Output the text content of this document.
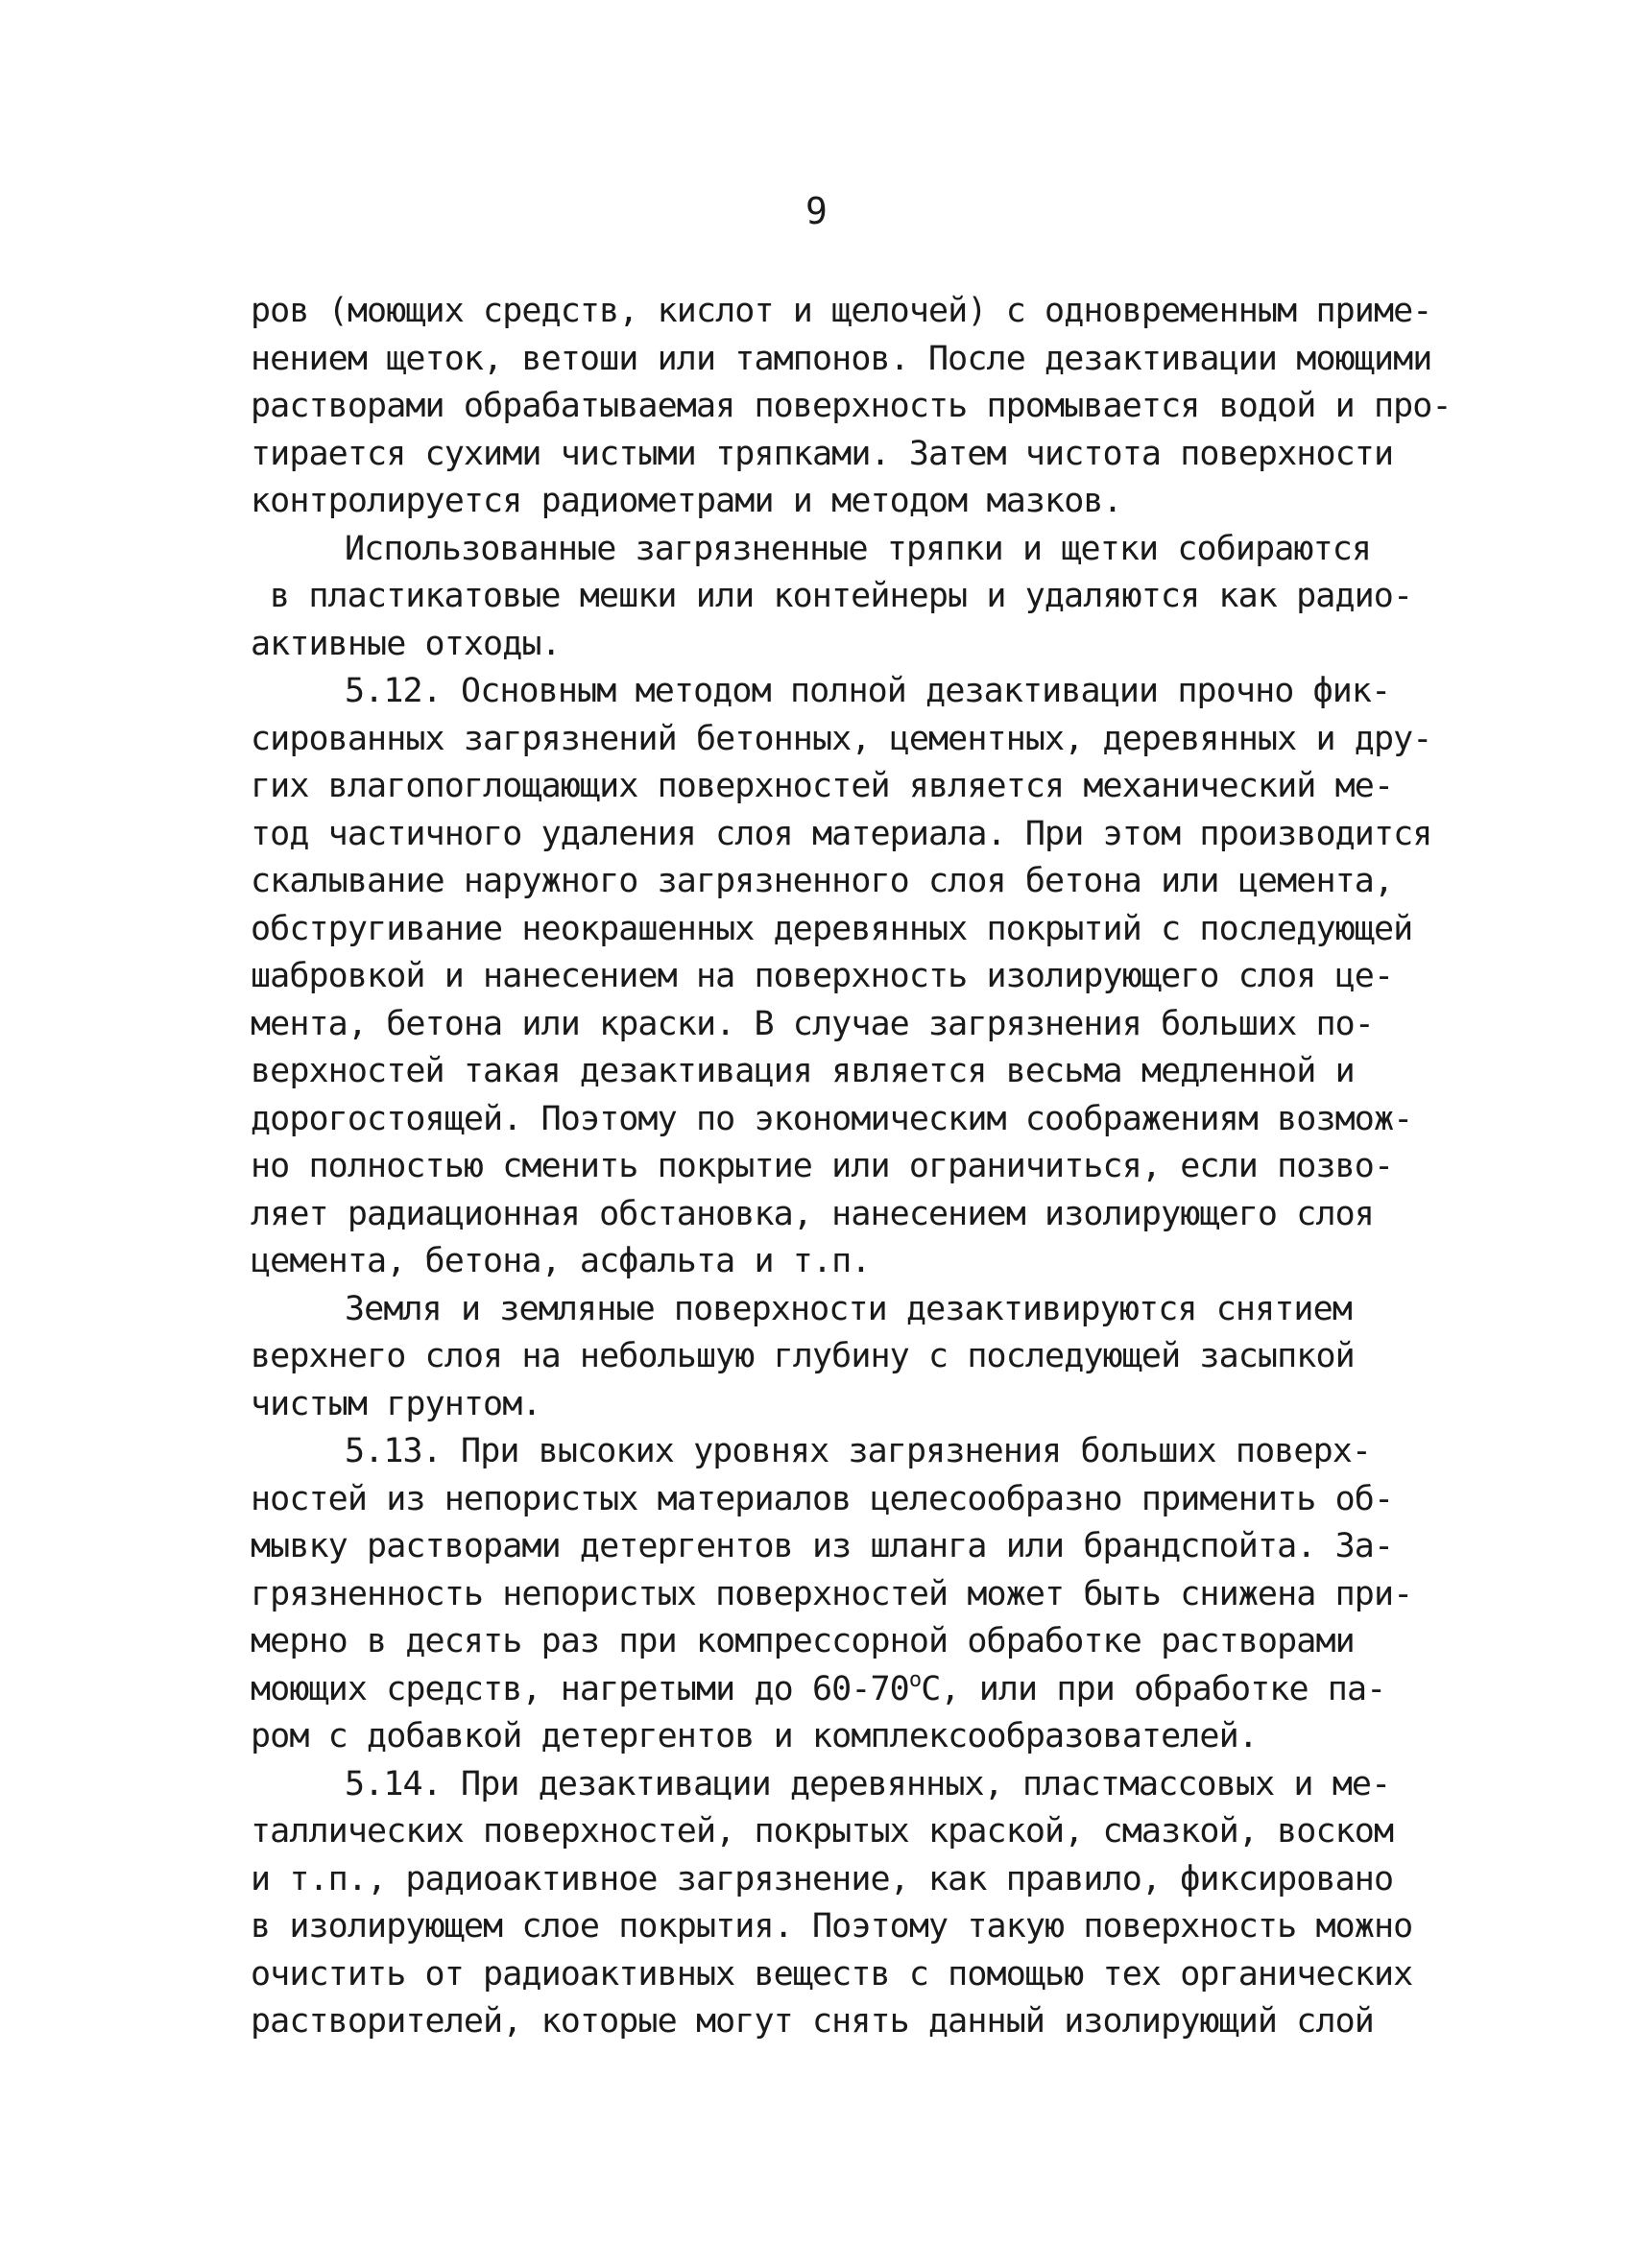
9
ров (моющих средств, кислот и щелочей) с одновременным приме-
нением щеток, ветоши или тампонов. После дезактивации моющими
растворами обрабатываемая поверхность промывается водой и про-
тирается сухими чистыми тряпками. Затем чистота поверхности
контролируется радиометрами и методом мазков.
Использованные загрязненные тряпки и щетки собираются
в пластикатовые мешки или контейнеры и удаляются как радио-
активные отходы.
5.12. Основным методом полной дезактивации прочно фик-
сированных загрязнений бетонных, цементных, деревянных и дру-
гих влагопоглощающих поверхностей является механический ме-
тод частичного удаления слоя материала. При этом производится
скалывание наружного загрязненного слоя бетона или цемента,
обстругивание неокрашенных деревянных покрытий с последующей
шабровкой и нанесением на поверхность изолирующего слоя це-
мента, бетона или краски. В случае загрязнения больших по-
верхностей такая дезактивация является весьма медленной и
дорогостоящей. Поэтому по экономическим соображениям возмож-
но полностью сменить покрытие или ограничиться, если позво-
ляет радиационная обстановка, нанесением изолирующего слоя
цемента, бетона, асфальта и т.п.
Земля и земляные поверхности дезактивируются снятием
верхнего слоя на небольшую глубину с последующей засыпкой
чистым грунтом.
5.13. При высоких уровнях загрязнения больших поверх-
ностей из непористых материалов целесообразно применить об-
мывку растворами детергентов из шланга или брандспойта. За-
грязненность непористых поверхностей может быть снижена при-
мерно в десять раз при компрессорной обработке растворами
моющих средств, нагретыми до $60-70^оС$, или при обработке па-
ром с добавкой детергентов и комплексообразователей.
5.14. При дезактивации деревянных, пластмассовых и ме-
таллических поверхностей, покрытых краской, смазкой, воском
и т.п., радиоактивное загрязнение, как правило, фиксировано
в изолирующем слое покрытия. Поэтому такую поверхность можно
очистить от радиоактивных веществ с помощью тех органических
растворителей, которые могут снять данный изолирующий слой
